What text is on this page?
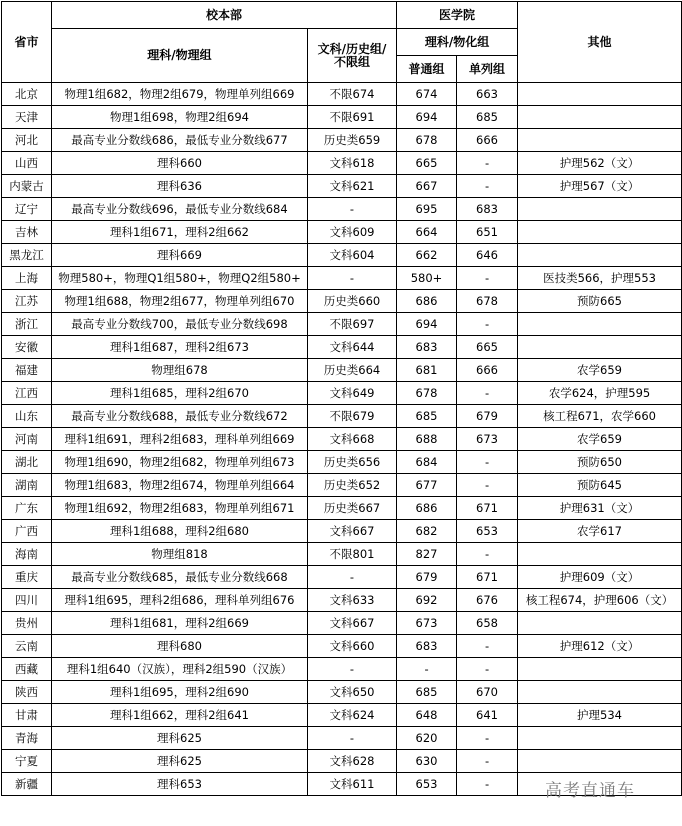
省市	校本部		医学院		其他
	理科/物理组	文科/历史组/不限组	理科/物化组		
			普通组	单列组	
北京	物理1组682，物理2组679，物理单列组669	不限674	674	663	
天津	物理1组698，物理2组694	不限691	694	685	
河北	最高专业分数线686，最低专业分数线677	历史类659	678	666	
山西	理科660	文科618	665	-	护理562（文）
内蒙古	理科636	文科621	667	-	护理567（文）
辽宁	最高专业分数线696，最低专业分数线684	-	695	683	
吉林	理科1组671，理科2组662	文科609	664	651	
黑龙江	理科669	文科604	662	646	
上海	物理580+，物理Q1组580+，物理Q2组580+	-	580+	-	医技类566，护理553
江苏	物理1组688，物理2组677，物理单列组670	历史类660	686	678	预防665
浙江	最高专业分数线700，最低专业分数线698	不限697	694	-	
安徽	理科1组687，理科2组673	文科644	683	665	
福建	物理组678	历史类664	681	666	农学659
江西	理科1组685，理科2组670	文科649	678	-	农学624，护理595
山东	最高专业分数线688，最低专业分数线672	不限679	685	679	核工程671，农学660
河南	理科1组691，理科2组683，理科单列组669	文科668	688	673	农学659
湖北	物理1组690，物理2组682，物理单列组673	历史类656	684	-	预防650
湖南	物理1组683，物理2组674，物理单列组664	历史类652	677	-	预防645
广东	物理1组692，物理2组683，物理单列组671	历史类667	686	671	护理631（文）
广西	理科1组688，理科2组680	文科667	682	653	农学617
海南	物理组818	不限801	827	-	
重庆	最高专业分数线685，最低专业分数线668	-	679	671	护理609（文）
四川	理科1组695，理科2组686，理科单列组676	文科633	692	676	核工程674，护理606（文）
贵州	理科1组681，理科2组669	文科667	673	658	
云南	理科680	文科660	683	-	护理612（文）
西藏	理科1组640（汉族），理科2组590（汉族）	-	-	-	
陕西	理科1组695，理科2组690	文科650	685	670	
甘肃	理科1组662，理科2组641	文科624	648	641	护理534
青海	理科625	-	620	-	
宁夏	理科625	文科628	630	-	
新疆	理科653	文科611	653	-		高考直通车
